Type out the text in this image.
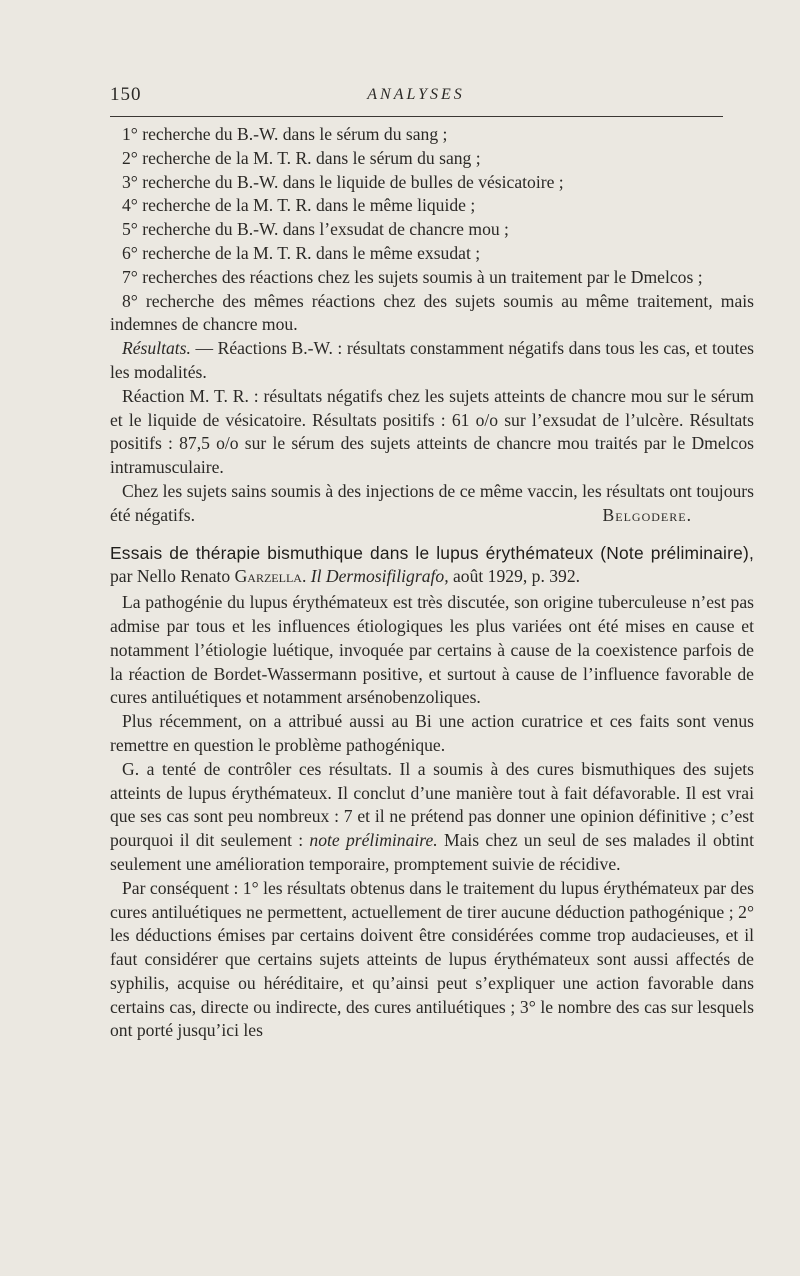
150	ANALYSES

1° recherche du B.-W. dans le sérum du sang ;

2° recherche de la M. T. R. dans le sérum du sang ;

3° recherche du B.-W. dans le liquide de bulles de vésicatoire ;

4° recherche de la M. T. R. dans le même liquide ;

5° recherche du B.-W. dans l’exsudat de chancre mou ;

6° recherche de la M. T. R. dans le même exsudat ;

7° recherches des réactions chez les sujets soumis à un traitement par le Dmelcos ;

8° recherche des mêmes réactions chez des sujets soumis au même traitement, mais indemnes de chancre mou.

Résultats. — Réactions B.-W. : résultats constamment négatifs dans tous les cas, et toutes les modalités.

Réaction M. T. R. : résultats négatifs chez les sujets atteints de chancre mou sur le sérum et le liquide de vésicatoire. Résultats positifs : 61 o/o sur l’exsudat de l’ulcère. Résultats positifs : 87,5 o/o sur le sérum des sujets atteints de chancre mou traités par le Dmelcos intramusculaire.

Chez les sujets sains soumis à des injections de ce même vaccin, les résultats ont toujours été négatifs.	Belgodere.

Essais de thérapie bismuthique dans le lupus érythémateux (Note préliminaire), par Nello Renato Garzella. Il Dermosifiligrafo, août 1929, p. 392.

La pathogénie du lupus érythémateux est très discutée, son origine tuberculeuse n’est pas admise par tous et les influences étiologiques les plus variées ont été mises en cause et notamment l’étiologie luétique, invoquée par certains à cause de la coexistence parfois de la réaction de Bordet-Wassermann positive, et surtout à cause de l’influence favorable de cures antiluétiques et notamment arsénobenzoliques.

Plus récemment, on a attribué aussi au Bi une action curatrice et ces faits sont venus remettre en question le problème pathogénique.

G. a tenté de contrôler ces résultats. Il a soumis à des cures bismuthiques des sujets atteints de lupus érythémateux. Il conclut d’une manière tout à fait défavorable. Il est vrai que ses cas sont peu nombreux : 7 et il ne prétend pas donner une opinion définitive ; c’est pourquoi il dit seulement : note préliminaire. Mais chez un seul de ses malades il obtint seulement une amélioration temporaire, promptement suivie de récidive.

Par conséquent : 1° les résultats obtenus dans le traitement du lupus érythémateux par des cures antiluétiques ne permettent, actuellement de tirer aucune déduction pathogénique ; 2° les déductions émises par certains doivent être considérées comme trop audacieuses, et il faut considérer que certains sujets atteints de lupus érythémateux sont aussi affectés de syphilis, acquise ou héréditaire, et qu’ainsi peut s’expliquer une action favorable dans certains cas, directe ou indirecte, des cures antiluétiques ; 3° le nombre des cas sur lesquels ont porté jusqu’ici les
